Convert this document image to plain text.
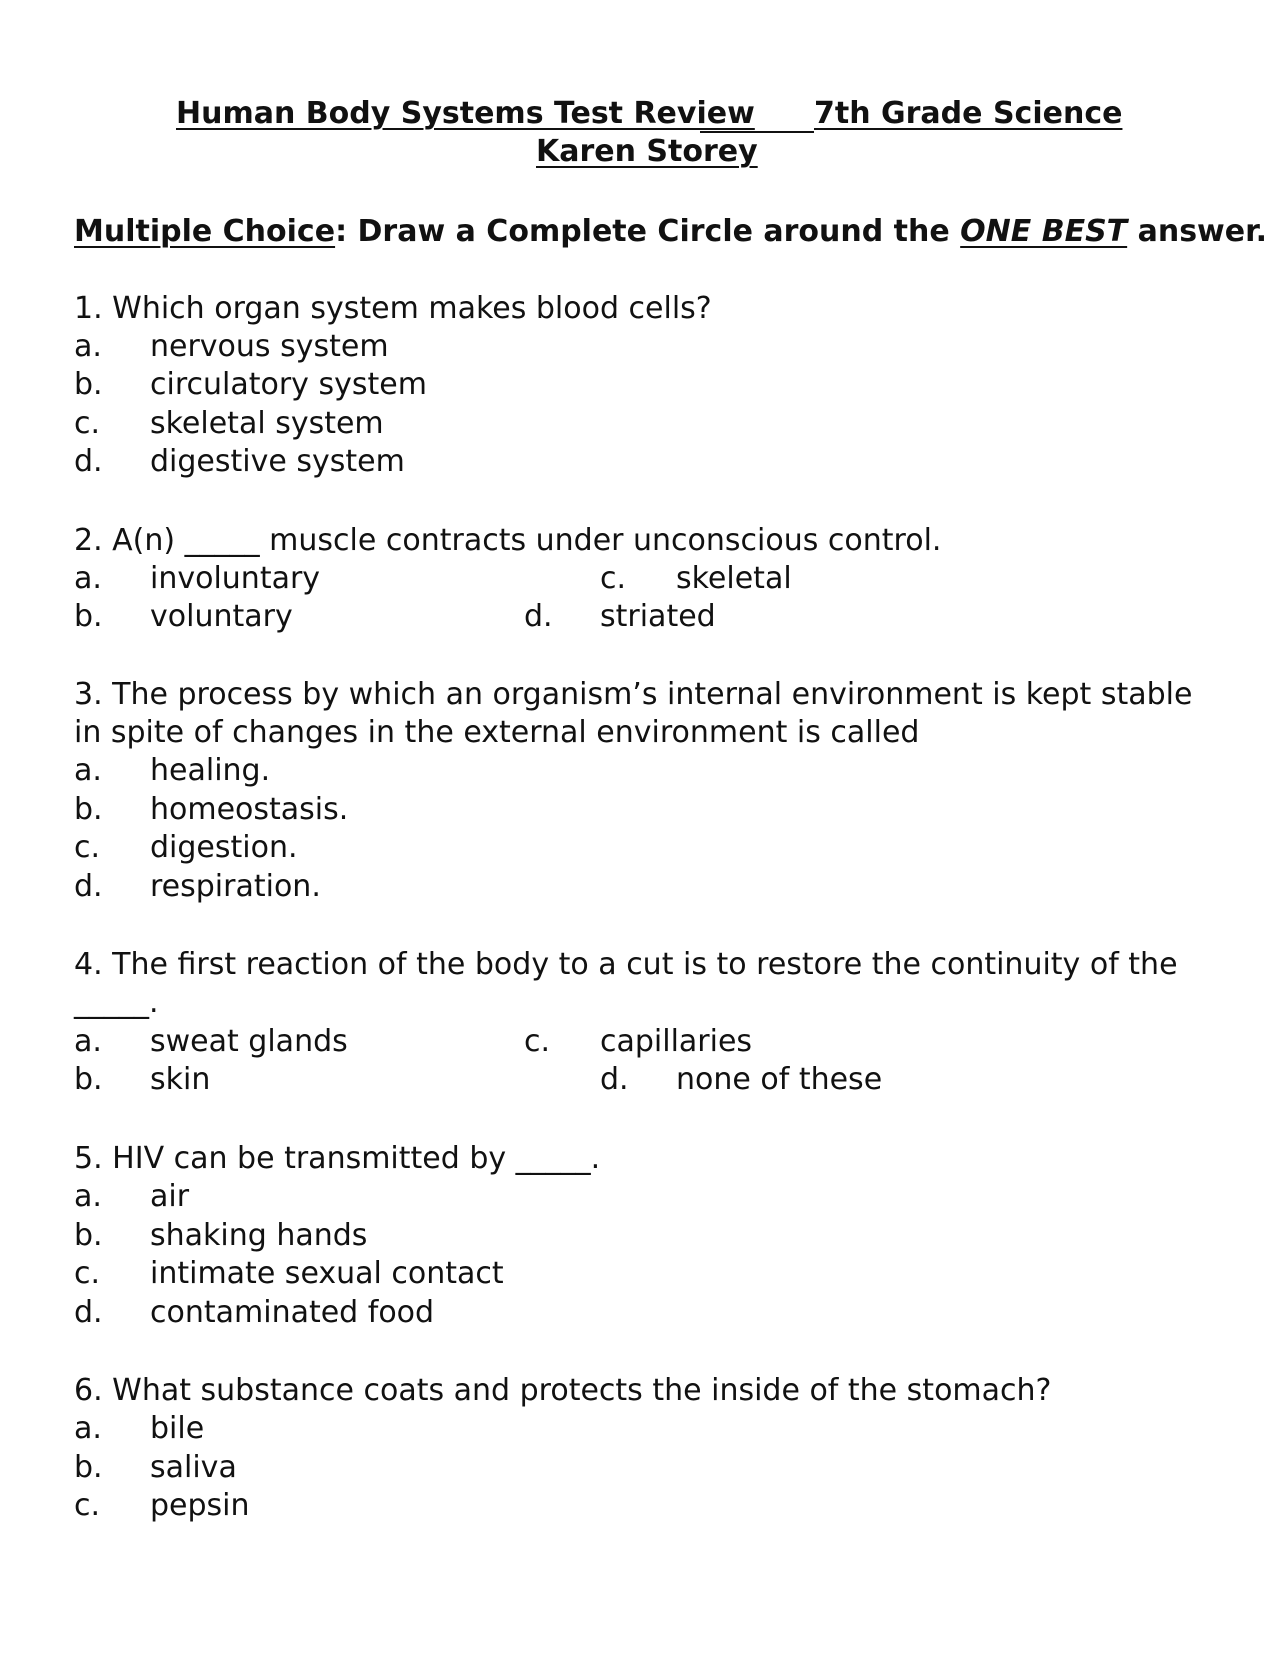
Human Body Systems Test Review 7th Grade Science
Karen Storey
Multiple Choice: Draw a Complete Circle around the ONE BEST answer.
1. Which organ system makes blood cells?
a. nervous system
b. circulatory system
c. skeletal system
d. digestive system
2. A(n) _____ muscle contracts under unconscious control.
a. involuntary	c. skeletal
b. voluntary	d. striated
3. The process by which an organism’s internal environment is kept stable
in spite of changes in the external environment is called
a. healing.
b. homeostasis.
c. digestion.
d. respiration.
4. The first reaction of the body to a cut is to restore the continuity of the
_____.
a. sweat glands	c. capillaries
b. skin	d. none of these
5. HIV can be transmitted by _____.
a. air
b. shaking hands
c. intimate sexual contact
d. contaminated food
6. What substance coats and protects the inside of the stomach?
a. bile
b. saliva
c. pepsin
